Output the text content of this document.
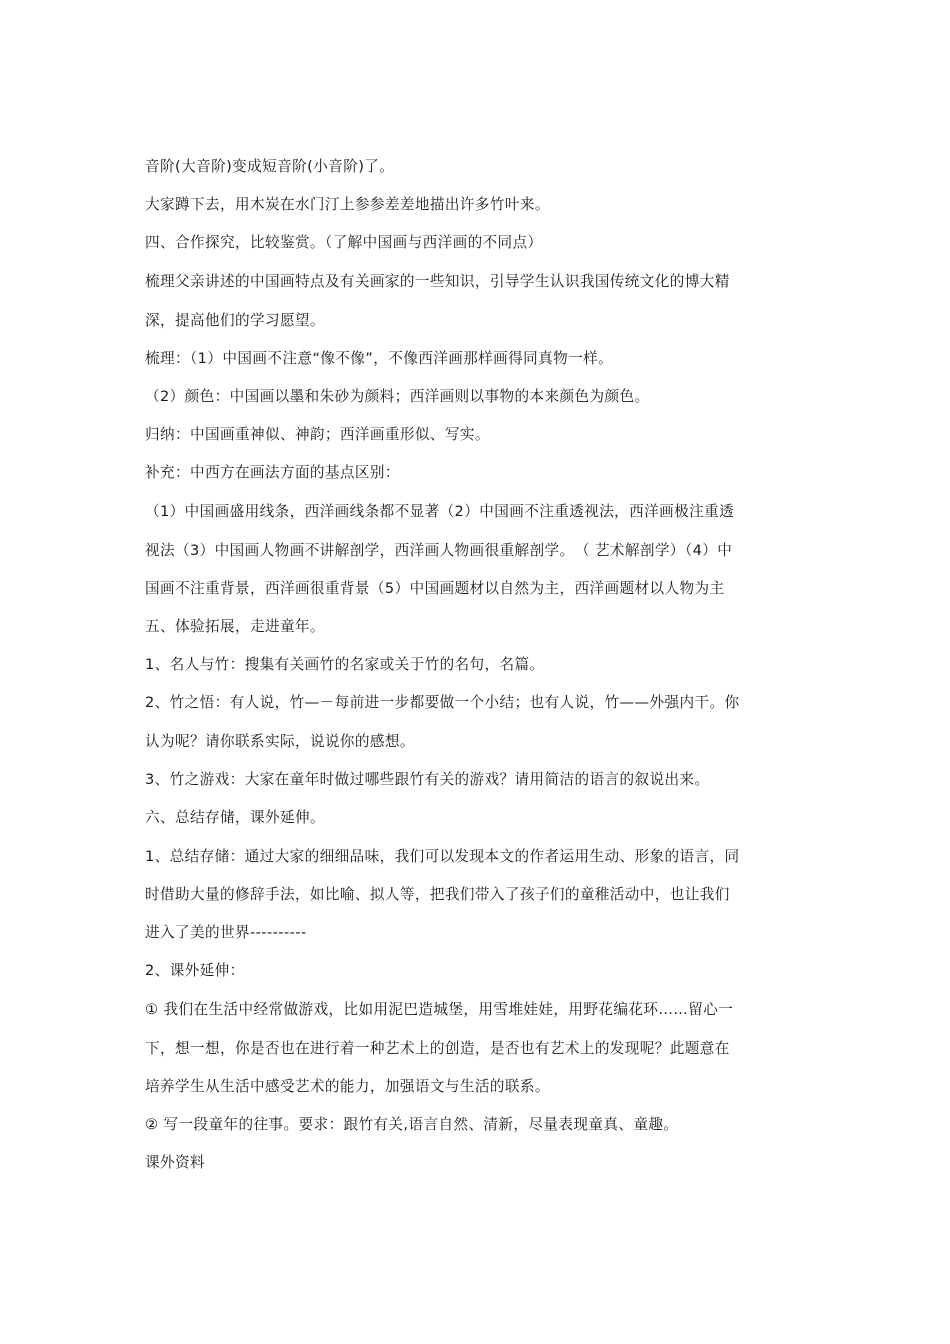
音阶(大音阶)变成短音阶(小音阶)了。
大家蹲下去，用木炭在水门汀上参参差差地描出许多竹叶来。
四、合作探究，比较鉴赏。（了解中国画与西洋画的不同点）
梳理父亲讲述的中国画特点及有关画家的一些知识，引导学生认识我国传统文化的博大精
深，提高他们的学习愿望。
梳理：（1）中国画不注意“像不像”，不像西洋画那样画得同真物一样。
（2）颜色：中国画以墨和朱砂为颜料；西洋画则以事物的本来颜色为颜色。
归纳：中国画重神似、神韵；西洋画重形似、写实。
补充：中西方在画法方面的基点区别：
（1）中国画盛用线条，西洋画线条都不显著（2）中国画不注重透视法，西洋画极注重透
视法（3）中国画人物画不讲解剖学，西洋画人物画很重解剖学。　（ 艺术解剖学）（4）中
国画不注重背景，西洋画很重背景（5）中国画题材以自然为主，西洋画题材以人物为主
五、体验拓展，走进童年。
1、名人与竹：搜集有关画竹的名家或关于竹的名句，名篇。
2、竹之悟：有人说，竹—－每前进一步都要做一个小结；也有人说，竹——外强内干。你
认为呢？请你联系实际，说说你的感想。
3、竹之游戏：大家在童年时做过哪些跟竹有关的游戏？请用简洁的语言的叙说出来。
六、总结存储，课外延伸。
1、总结存储：通过大家的细细品味，我们可以发现本文的作者运用生动、形象的语言，同
时借助大量的修辞手法，如比喻、拟人等，把我们带入了孩子们的童稚活动中，也让我们
进入了美的世界----------
2、课外延伸：
① 我们在生活中经常做游戏，比如用泥巴造城堡，用雪堆娃娃，用野花编花环……留心一
下，想一想，你是否也在进行着一种艺术上的创造，是否也有艺术上的发现呢？此题意在
培养学生从生活中感受艺术的能力，加强语文与生活的联系。
② 写一段童年的往事。要求：跟竹有关,语言自然、清新，尽量表现童真、童趣。
课外资料
